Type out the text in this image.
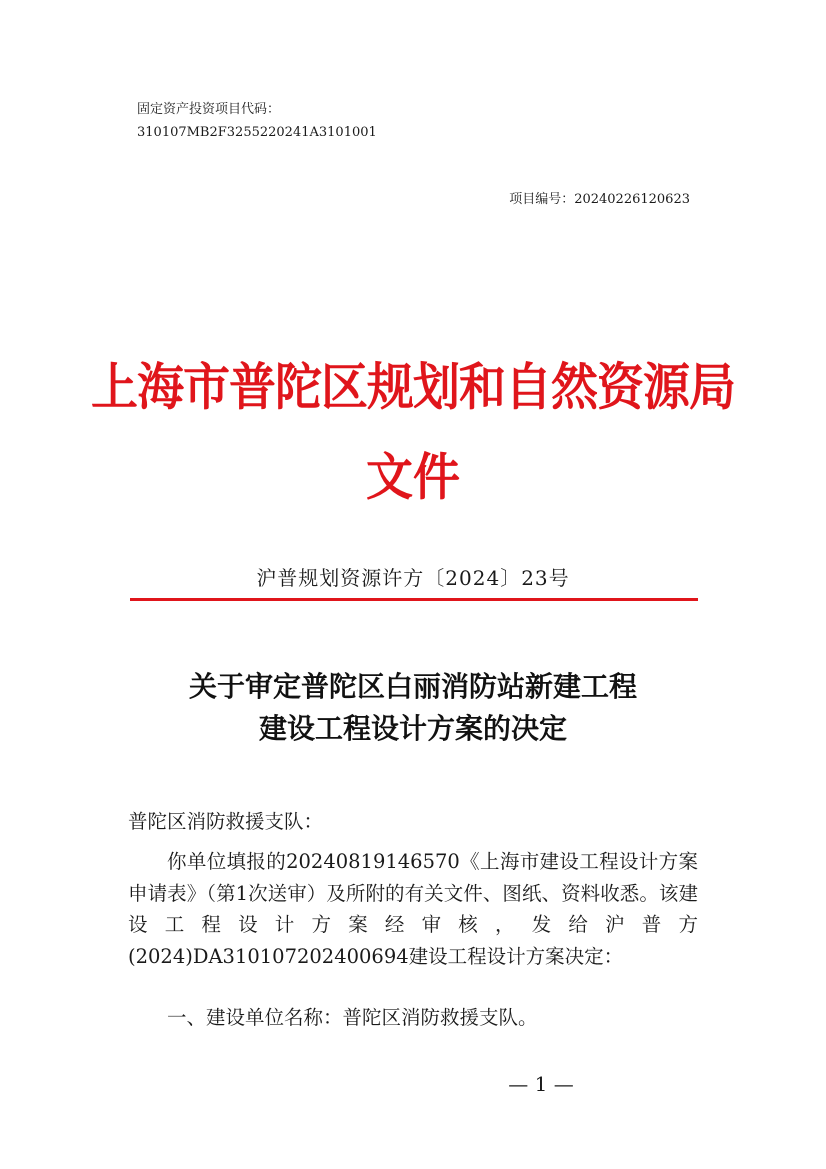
固定资产投资项目代码：
310107MB2F3255220241A3101001
项目编号：20240226120623
上海市普陀区规划和自然资源局
文件
沪普规划资源许方〔2024〕23号
关于审定普陀区白丽消防站新建工程
建设工程设计方案的决定
普陀区消防救援支队：
你单位填报的20240819146570《上海市建设工程设计方案申请表》（第1次送审）及所附的有关文件、图纸、资料收悉。该建设工程设计方案经审核，发给沪普方(2024)DA310107202400694建设工程设计方案决定：
一、建设单位名称：普陀区消防救援支队。
— 1 —
